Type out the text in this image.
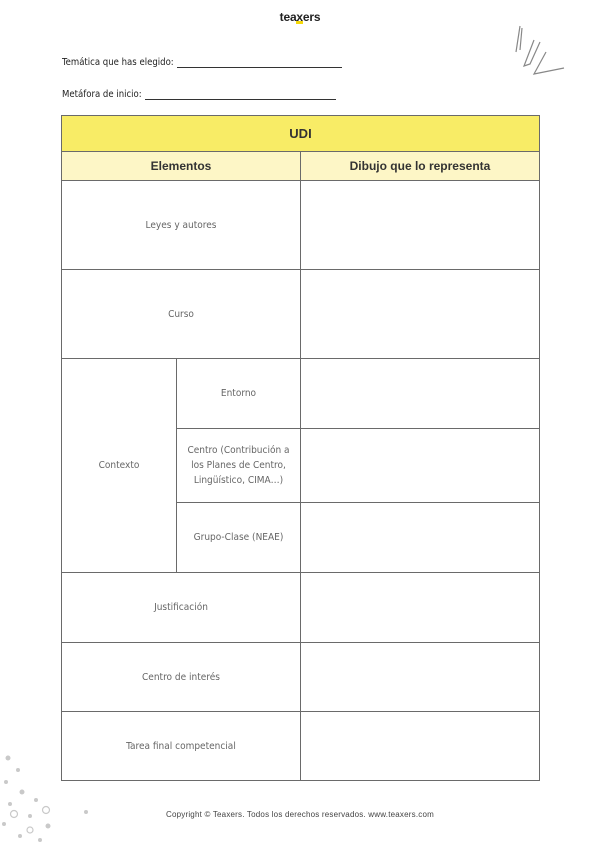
teaxers
Temática que has elegido:
Metáfora de inicio:
UDI		
Elementos		Dibujo que lo representa
Leyes y autores		
Curso		
Contexto	Entorno	

	Centro (Contribución a
los Planes de Centro,
Lingüístico, CIMA…)	

	Grupo-Clase (NEAE)	
Justificación		
Centro de interés		
Tarea final competencial		
Copyright © Teaxers. Todos los derechos reservados. www.teaxers.com
